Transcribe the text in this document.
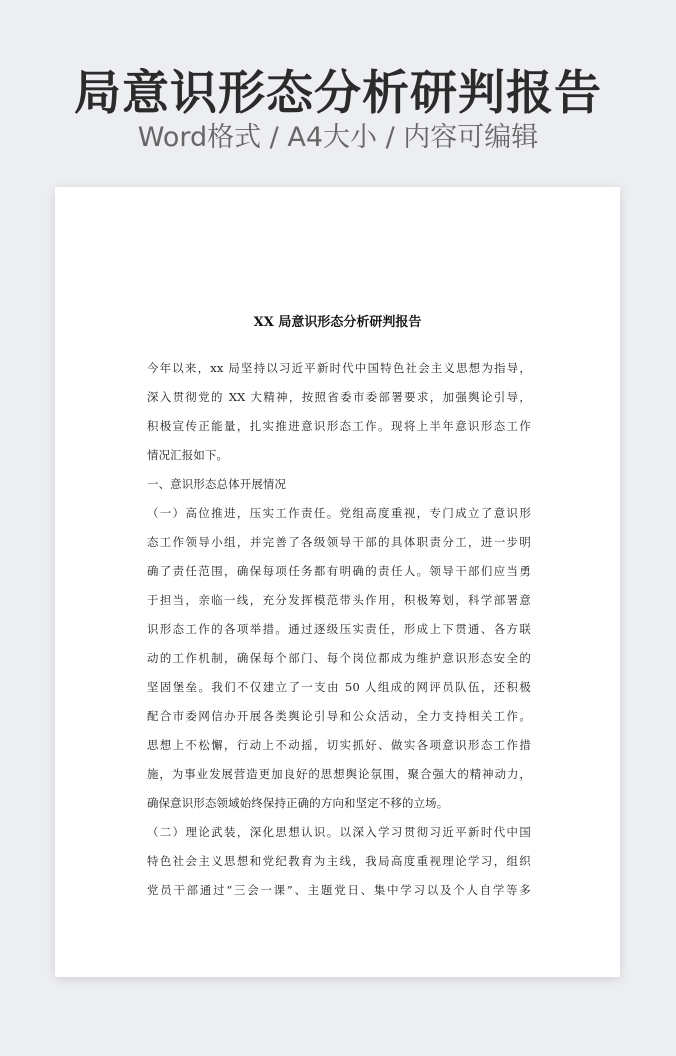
局意识形态分析研判报告
Word格式 / A4大小 / 内容可编辑
XX 局意识形态分析研判报告
今年以来，xx 局坚持以习近平新时代中国特色社会主义思想为指导，
深入贯彻党的 XX 大精神，按照省委市委部署要求，加强舆论引导，
积极宣传正能量，扎实推进意识形态工作。现将上半年意识形态工作
情况汇报如下。
一、意识形态总体开展情况
（一）高位推进，压实工作责任。党组高度重视，专门成立了意识形
态工作领导小组，并完善了各级领导干部的具体职责分工，进一步明
确了责任范围，确保每项任务都有明确的责任人。领导干部们应当勇
于担当，亲临一线，充分发挥模范带头作用，积极筹划，科学部署意
识形态工作的各项举措。通过逐级压实责任，形成上下贯通、各方联
动的工作机制，确保每个部门、每个岗位都成为维护意识形态安全的
坚固堡垒。我们不仅建立了一支由 50 人组成的网评员队伍，还积极
配合市委网信办开展各类舆论引导和公众活动，全力支持相关工作。
思想上不松懈，行动上不动摇，切实抓好、做实各项意识形态工作措
施，为事业发展营造更加良好的思想舆论氛围，聚合强大的精神动力，
确保意识形态领域始终保持正确的方向和坚定不移的立场。
（二）理论武装，深化思想认识。以深入学习贯彻习近平新时代中国
特色社会主义思想和党纪教育为主线，我局高度重视理论学习，组织
党员干部通过“三会一课”、主题党日、集中学习以及个人自学等多
